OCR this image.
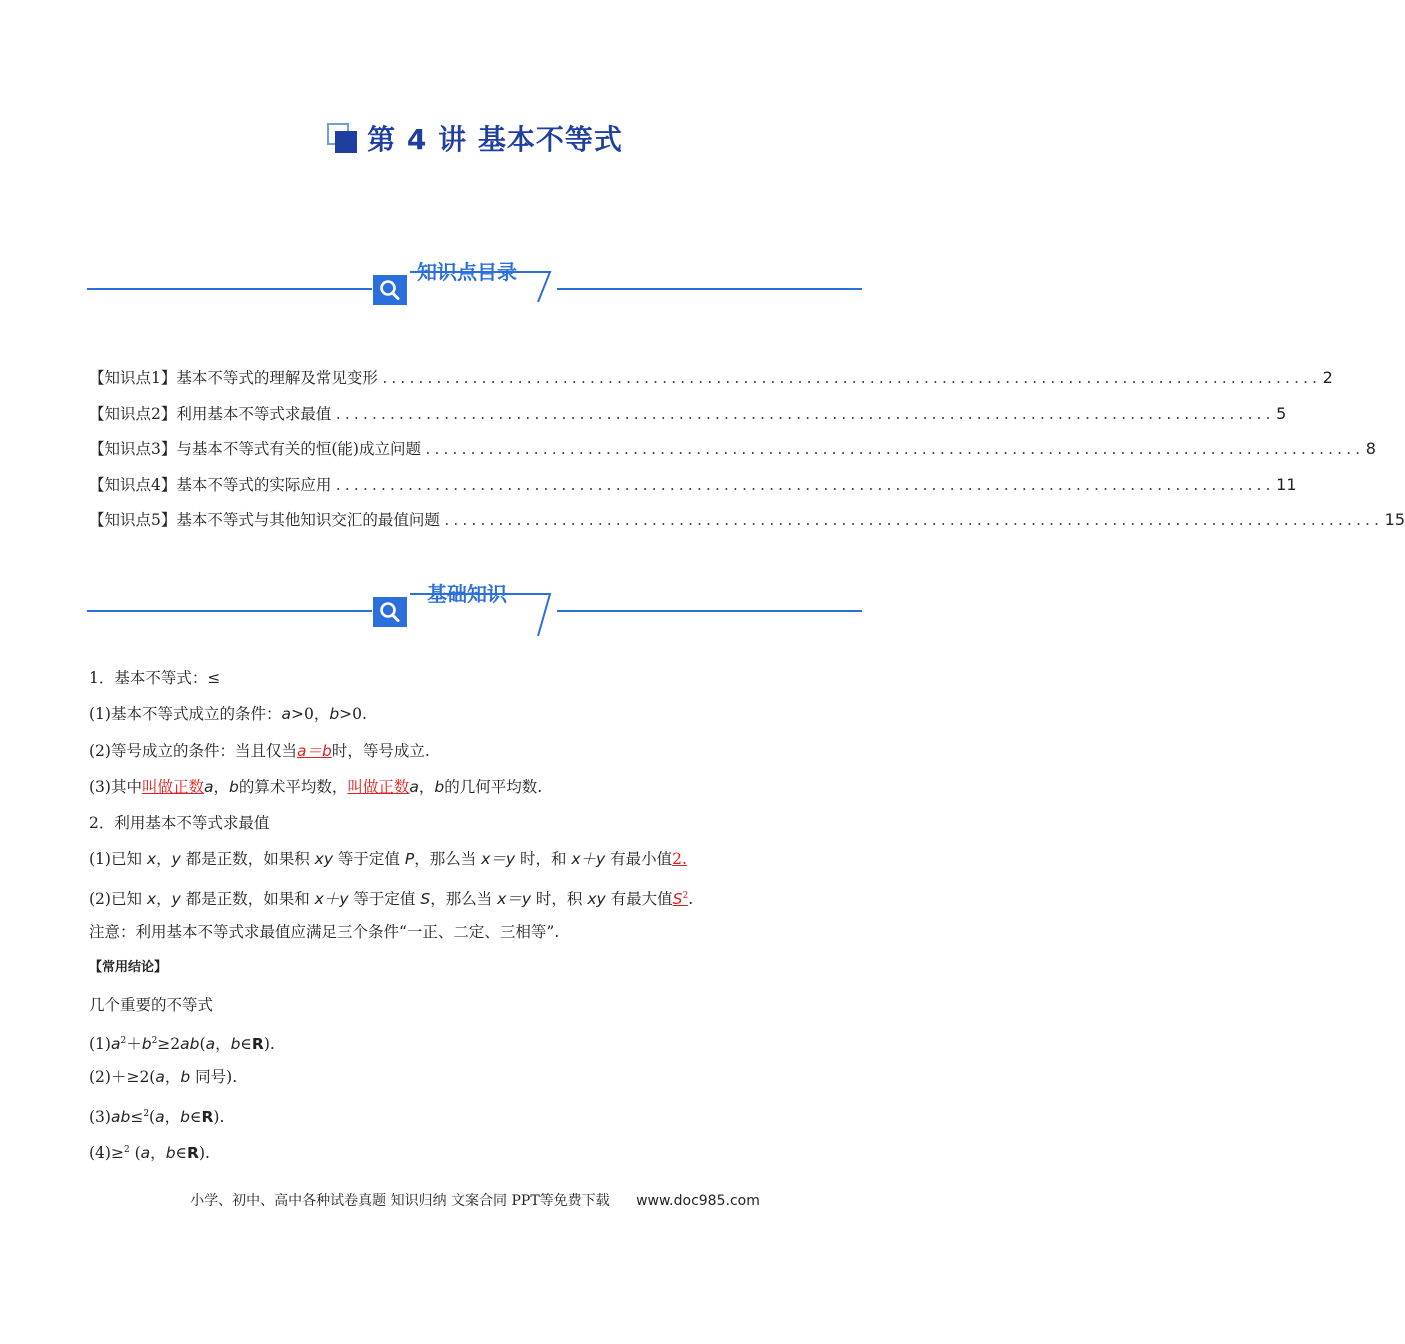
第 4 讲 基本不等式
知识点目录
【知识点1】基本不等式的理解及常见变形 ........................................................................................................ 2
【知识点2】利用基本不等式求最值 ........................................................................................................ 5
【知识点3】与基本不等式有关的恒(能)成立问题 ........................................................................................................ 8
【知识点4】基本不等式的实际应用 ........................................................................................................ 11
【知识点5】基本不等式与其他知识交汇的最值问题 ........................................................................................................ 15
基础知识
1．基本不等式：≤
(1)基本不等式成立的条件：a>0，b>0.
(2)等号成立的条件：当且仅当a＝b时，等号成立.
(3)其中叫做正数a，b的算术平均数，叫做正数a，b的几何平均数.
2．利用基本不等式求最值
(1)已知 x，y 都是正数，如果积 xy 等于定值 P，那么当 x＝y 时，和 x＋y 有最小值2.
(2)已知 x，y 都是正数，如果和 x＋y 等于定值 S，那么当 x＝y 时，积 xy 有最大值$S^2$.
注意：利用基本不等式求最值应满足三个条件“一正、二定、三相等”.
【常用结论】
几个重要的不等式
$(1)a^2+b^2\ge 2ab(a$，b∈R).
(2)＋≥2(a，b 同号).
(3)ab≤$^2$(a，b∈R).
(4)≥$^2$ (a，b∈R).
小学、初中、高中各种试卷真题 知识归纳 文案合同 PPT等免费下载 www.doc985.com
